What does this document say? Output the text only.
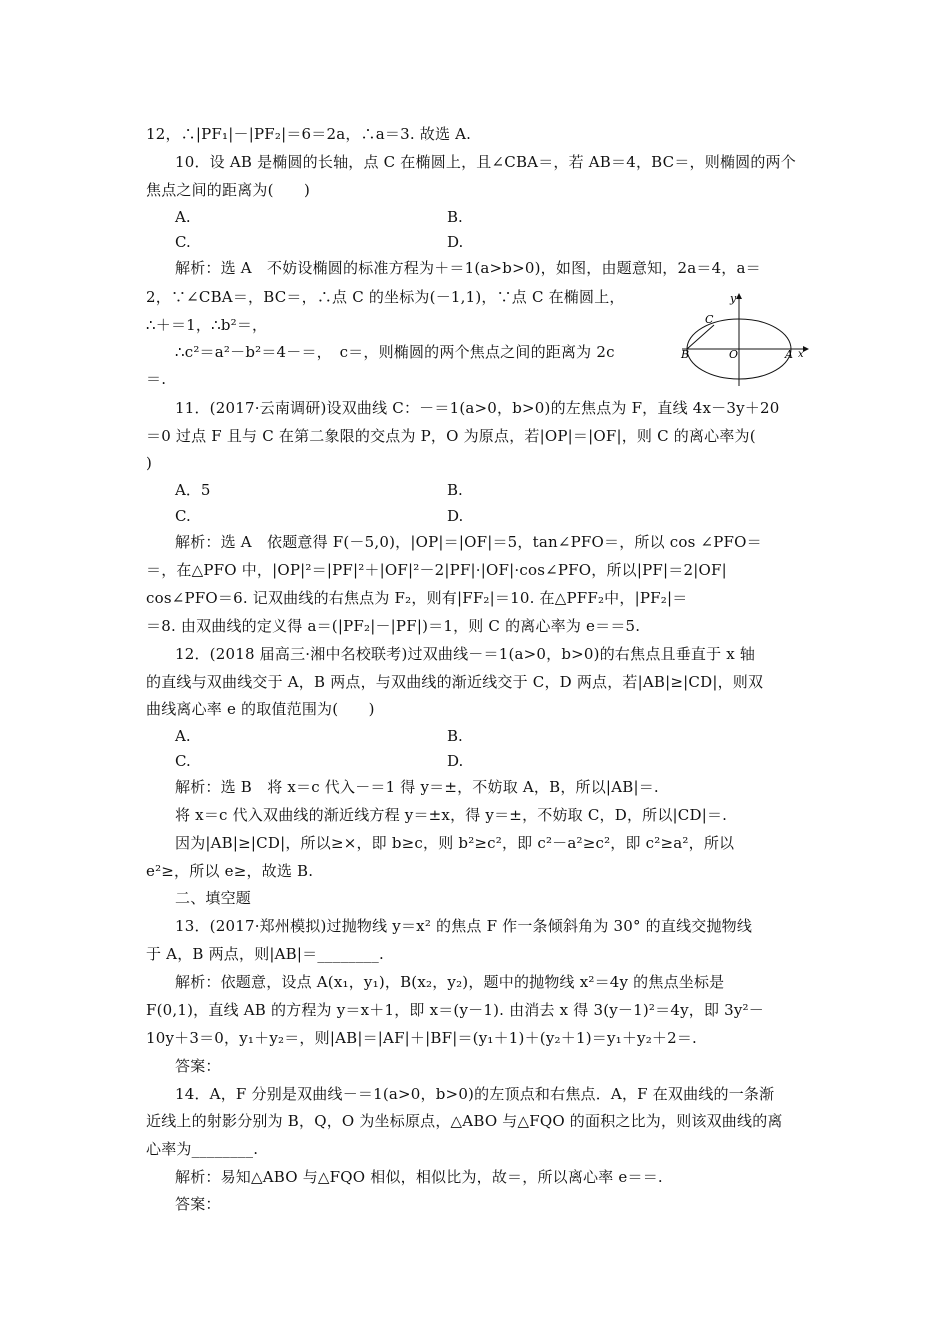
12，∴|PF₁|－|PF₂|＝6＝2a，∴a＝3. 故选 A.
10．设 AB 是椭圆的长轴，点 C 在椭圆上，且∠CBA＝，若 AB＝4，BC＝，则椭圆的两个
焦点之间的距离为(　　)
解析：选 A　不妨设椭圆的标准方程为＋＝1(a>b>0)，如图，由题意知，2a＝4，a＝
2，∵∠CBA＝，BC＝，∴点 C 的坐标为(－1,1)，∵点 C 在椭圆上，
∴＋＝1，∴b²＝，
∴c²＝a²－b²＝4－＝，　c＝，则椭圆的两个焦点之间的距离为 2c
＝.
11．(2017·云南调研)设双曲线 C：－＝1(a>0，b>0)的左焦点为 F，直线 4x－3y＋20
＝0 过点 F 且与 C 在第二象限的交点为 P，O 为原点，若|OP|＝|OF|，则 C 的离心率为(
)
解析：选 A　依题意得 F(－5,0)，|OP|＝|OF|＝5，tan∠PFO＝，所以 cos ∠PFO＝
＝，在△PFO 中，|OP|²＝|PF|²＋|OF|²－2|PF|·|OF|·cos∠PFO，所以|PF|＝2|OF|
cos∠PFO＝6. 记双曲线的右焦点为 F₂，则有|FF₂|＝10. 在△PFF₂中，|PF₂|＝
＝8. 由双曲线的定义得 a＝(|PF₂|－|PF|)＝1，则 C 的离心率为 e＝＝5.
12．(2018 届高三·湘中名校联考)过双曲线－＝1(a>0，b>0)的右焦点且垂直于 x 轴
的直线与双曲线交于 A，B 两点，与双曲线的渐近线交于 C，D 两点，若|AB|≥|CD|，则双
曲线离心率 e 的取值范围为(　　)
解析：选 B　将 x＝c 代入－＝1 得 y＝±，不妨取 A，B，所以|AB|＝.
将 x＝c 代入双曲线的渐近线方程 y＝±x，得 y＝±，不妨取 C，D，所以|CD|＝.
因为|AB|≥|CD|，所以≥×，即 b≥c，则 b²≥c²，即 c²－a²≥c²，即 c²≥a²，所以
e²≥，所以 e≥，故选 B.
二、填空题
13．(2017·郑州模拟)过抛物线 y＝x² 的焦点 F 作一条倾斜角为 30° 的直线交抛物线
于 A，B 两点，则|AB|＝________.
解析：依题意，设点 A(x₁，y₁)，B(x₂，y₂)，题中的抛物线 x²＝4y 的焦点坐标是
F(0,1)，直线 AB 的方程为 y＝x＋1，即 x＝(y－1). 由消去 x 得 3(y－1)²＝4y，即 3y²－
10y＋3＝0，y₁＋y₂＝，则|AB|＝|AF|＋|BF|＝(y₁＋1)＋(y₂＋1)＝y₁＋y₂＋2＝.
答案：
14．A，F 分别是双曲线－＝1(a>0，b>0)的左顶点和右焦点．A，F 在双曲线的一条渐
近线上的射影分别为 B，Q，O 为坐标原点，△ABO 与△FQO 的面积之比为，则该双曲线的离
心率为________.
解析：易知△ABO 与△FQO 相似，相似比为，故＝，所以离心率 e＝＝.
答案：
A.	B.
C.	D.
A．5	B.
C.	D.
A.	B.
C.	D.
y
x
C
B	O	A
